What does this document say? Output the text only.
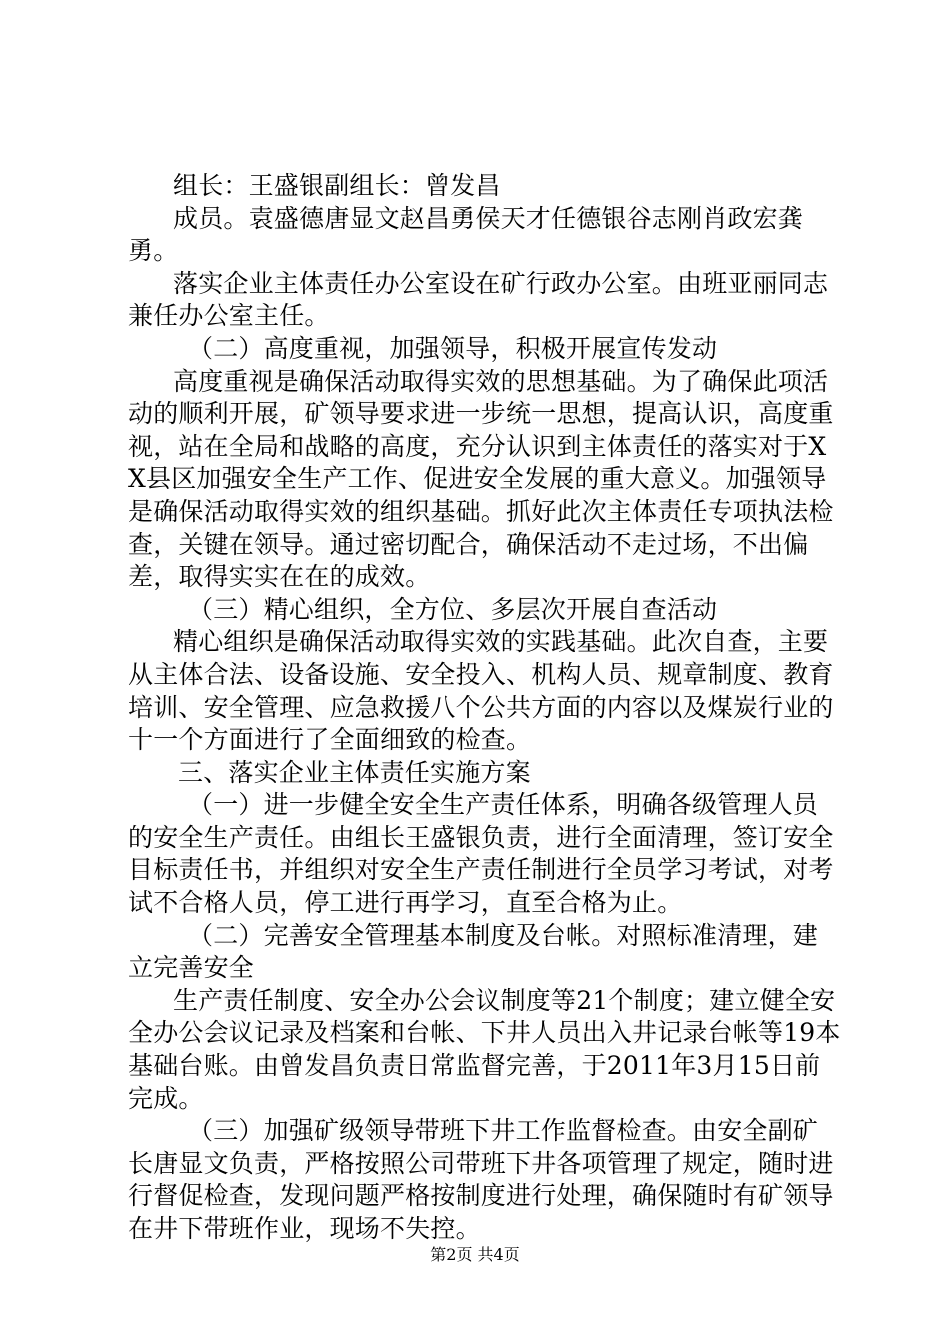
组长：王盛银副组长：曾发昌

成员。袁盛德唐显文赵昌勇侯天才任德银谷志刚肖政宏龚勇。

落实企业主体责任办公室设在矿行政办公室。由班亚丽同志兼任办公室主任。

（二）高度重视，加强领导，积极开展宣传发动

高度重视是确保活动取得实效的思想基础。为了确保此项活动的顺利开展，矿领导要求进一步统一思想，提高认识，高度重视，站在全局和战略的高度，充分认识到主体责任的落实对于XX县区加强安全生产工作、促进安全发展的重大意义。加强领导是确保活动取得实效的组织基础。抓好此次主体责任专项执法检查，关键在领导。通过密切配合，确保活动不走过场，不出偏差，取得实实在在的成效。

（三）精心组织，全方位、多层次开展自查活动

精心组织是确保活动取得实效的实践基础。此次自查，主要从主体合法、设备设施、安全投入、机构人员、规章制度、教育培训、安全管理、应急救援八个公共方面的内容以及煤炭行业的十一个方面进行了全面细致的检查。

三、落实企业主体责任实施方案

（一）进一步健全安全生产责任体系，明确各级管理人员的安全生产责任。由组长王盛银负责，进行全面清理，签订安全目标责任书，并组织对安全生产责任制进行全员学习考试，对考试不合格人员，停工进行再学习，直至合格为止。

（二）完善安全管理基本制度及台帐。对照标准清理，建立完善安全

生产责任制度、安全办公会议制度等21个制度；建立健全安全办公会议记录及档案和台帐、下井人员出入井记录台帐等19本基础台账。由曾发昌负责日常监督完善，于2011年3月15日前完成。

（三）加强矿级领导带班下井工作监督检查。由安全副矿长唐显文负责，严格按照公司带班下井各项管理了规定，随时进行督促检查，发现问题严格按制度进行处理，确保随时有矿领导在井下带班作业，现场不失控。

第2页 共4页
